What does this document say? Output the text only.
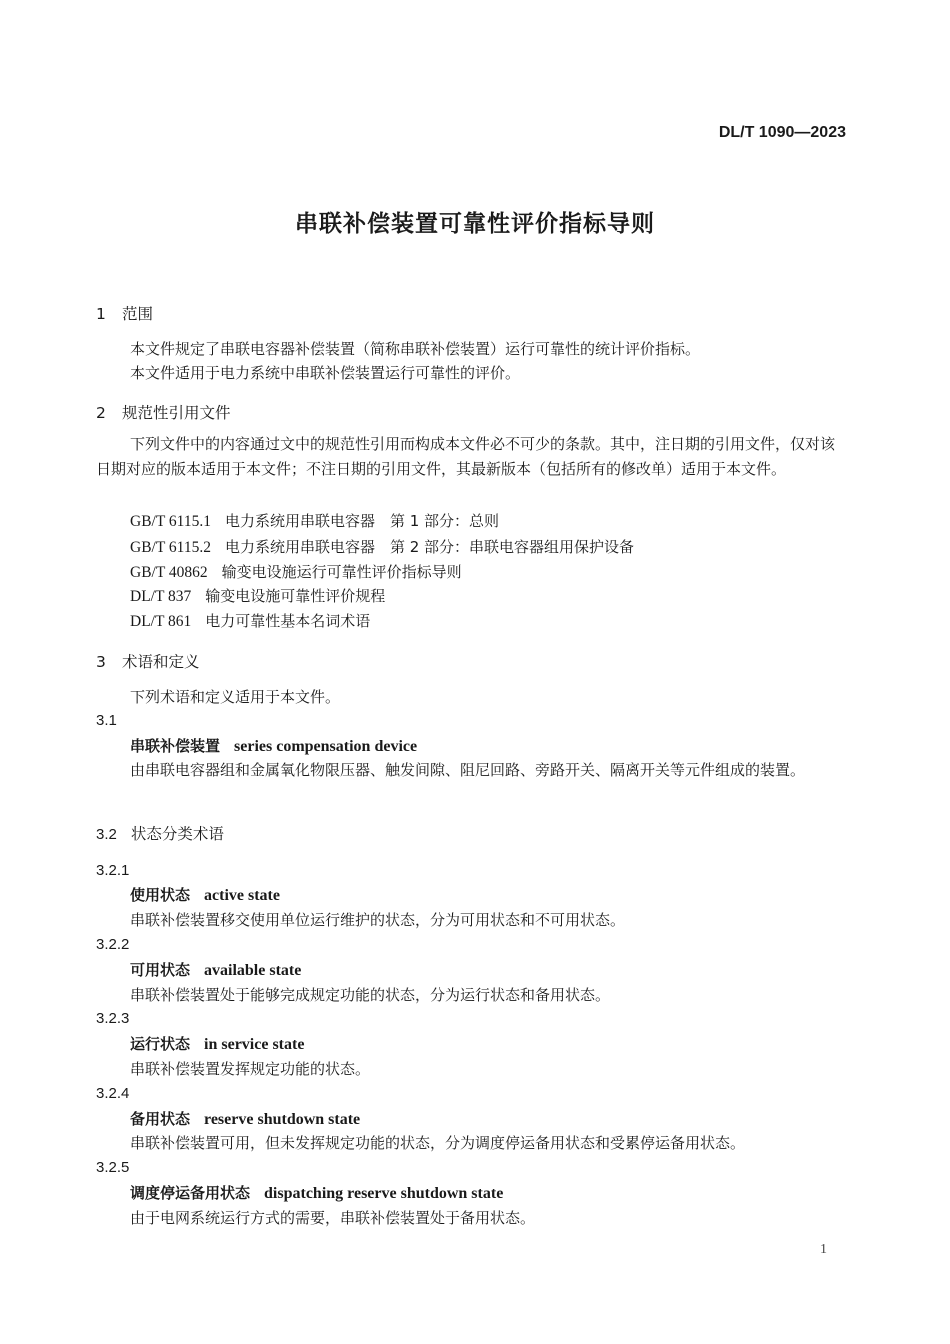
DL/T 1090—2023
串联补偿装置可靠性评价指标导则
1 范围
本文件规定了串联电容器补偿装置（简称串联补偿装置）运行可靠性的统计评价指标。
本文件适用于电力系统中串联补偿装置运行可靠性的评价。
2 规范性引用文件
下列文件中的内容通过文中的规范性引用而构成本文件必不可少的条款。其中，注日期的引用文件，仅对该日期对应的版本适用于本文件；不注日期的引用文件，其最新版本（包括所有的修改单）适用于本文件。
GB/T 6115.1 电力系统用串联电容器　第 1 部分：总则
GB/T 6115.2 电力系统用串联电容器　第 2 部分：串联电容器组用保护设备
GB/T 40862 输变电设施运行可靠性评价指标导则
DL/T 837 输变电设施可靠性评价规程
DL/T 861 电力可靠性基本名词术语
3 术语和定义
下列术语和定义适用于本文件。
3.1
串联补偿装置 series compensation device
由串联电容器组和金属氧化物限压器、触发间隙、阻尼回路、旁路开关、隔离开关等元件组成的装置。
3.2 状态分类术语
3.2.1
使用状态 active state
串联补偿装置移交使用单位运行维护的状态，分为可用状态和不可用状态。
3.2.2
可用状态 available state
串联补偿装置处于能够完成规定功能的状态，分为运行状态和备用状态。
3.2.3
运行状态 in service state
串联补偿装置发挥规定功能的状态。
3.2.4
备用状态 reserve shutdown state
串联补偿装置可用，但未发挥规定功能的状态，分为调度停运备用状态和受累停运备用状态。
3.2.5
调度停运备用状态 dispatching reserve shutdown state
由于电网系统运行方式的需要，串联补偿装置处于备用状态。
1
